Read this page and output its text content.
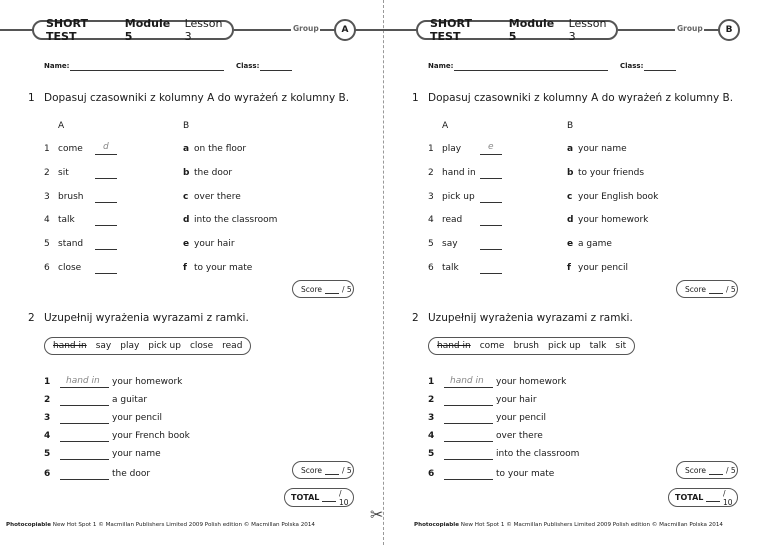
✂

SHORT TEST
Module 5
Lesson 3
Group	A
Name:	Class:
1 Dopasuj czasowniki z kolumny A do wyrażeń z kolumny B.
A	B
1 come d	a on the floor
2 sit	b the door
3 brush	c over there
4 talk	d into the classroom
5 stand	e your hair
6 close	f to your mate
Score	/ 5
2 Uzupełnij wyrażenia wyrazami z ramki.
hand in say play pick up close read
1 hand in your homework
2	a guitar
3	your pencil
4	your French book
5	your name
6	the door	Score	/ 5
TOTAL	/ 10
Photocopiable New Hot Spot 1 © Macmillan Publishers Limited 2009 Polish edition © Macmillan Polska 2014
SHORT TEST
Module 5
Lesson 3
Group	B
Name:	Class:
1 Dopasuj czasowniki z kolumny A do wyrażeń z kolumny B.
A	B
1 play	e	a your name
2 hand in	b to your friends
3 pick up	c your English book
4 read	d your homework
5 say	e a game
6 talk	f your pencil
Score	/ 5
2 Uzupełnij wyrażenia wyrazami z ramki.
hand in come brush pick up talk sit
1 hand in your homework
2	your hair
3	your pencil
4	over there
5	into the classroom
6	to your mate	Score	/ 5
TOTAL	/ 10
Photocopiable New Hot Spot 1 © Macmillan Publishers Limited 2009 Polish edition © Macmillan Polska 2014
